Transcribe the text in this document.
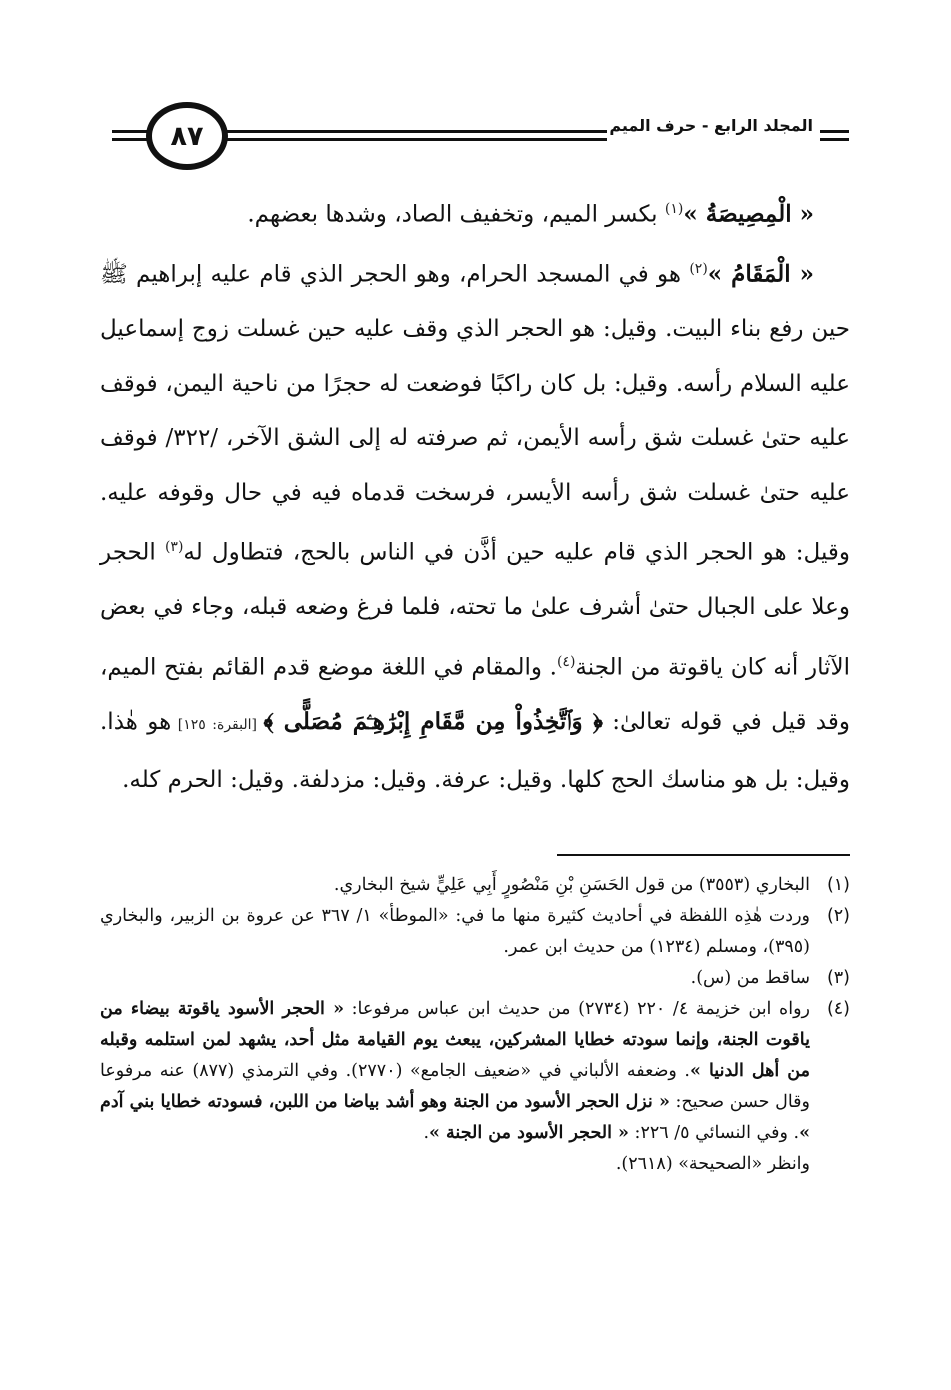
٨٧	المجلد الرابع - حرف الميم

« الْمِصِيصَةُ »$^{(١)}$ بكسر الميم، وتخفيف الصاد، وشدها بعضهم.

« الْمَقَامُ »$^{(٢)}$ هو في المسجد الحرام، وهو الحجر الذي قام عليه إبراهيم ﷺ حين رفع بناء البيت. وقيل: هو الحجر الذي وقف عليه حين غسلت زوج إسماعيل عليه السلام رأسه. وقيل: بل كان راكبًا فوضعت له حجرًا من ناحية اليمن، فوقف عليه حتىٰ غسلت شق رأسه الأيمن، ثم صرفته له إلى الشق الآخر، /٣٢٢/ فوقف عليه حتىٰ غسلت شق رأسه الأيسر، فرسخت قدماه فيه في حال وقوفه عليه. وقيل: هو الحجر الذي قام عليه حين أذَّن في الناس بالحج، فتطاول له$^{(٣)}$ الحجر وعلا على الجبال حتىٰ أشرف علىٰ ما تحته، فلما فرغ وضعه قبله، وجاء في بعض الآثار أنه كان ياقوتة من الجنة$^{(٤)}$. والمقام في اللغة موضع قدم القائم بفتح الميم، وقد قيل في قوله تعالىٰ: ﴿ وَٱتَّخِذُواْ مِن مَّقَامِ إِبْرَٰهِـۧمَ مُصَلًّى ﴾ [البقرة: ١٢٥] هو هٰذا. وقيل: بل هو مناسك الحج كلها. وقيل: عرفة. وقيل: مزدلفة. وقيل: الحرم كله.

(١)
البخاري (٣٥٥٣) من قول الحَسَنِ بْنِ مَنْصُورٍ أَبِي عَلِيٍّ شيخ البخاري.
(٢)
وردت هٰذِه اللفظة في أحاديث كثيرة منها ما في: «الموطأ» ١/ ٣٦٧ عن عروة بن الزبير، والبخاري (٣٩٥)، ومسلم (١٢٣٤) من حديث ابن عمر.
(٣)
ساقط من (س).
(٤)
رواه ابن خزيمة ٤/ ٢٢٠ (٢٧٣٤) من حديث ابن عباس مرفوعا: « الحجر الأسود ياقوتة بيضاء من ياقوت الجنة، وإنما سودته خطايا المشركين، يبعث يوم القيامة مثل أحد، يشهد لمن استلمه وقبله من أهل الدنيا ». وضعفه الألباني في «ضعيف الجامع» (٢٧٧٠). وفي الترمذي (٨٧٧) عنه مرفوعا وقال حسن صحيح: « نزل الحجر الأسود من الجنة وهو أشد بياضا من اللبن، فسودته خطايا بني آدم ». وفي النسائي ٥/ ٢٢٦: « الحجر الأسود من الجنة ».
وانظر «الصحيحة» (٢٦١٨).
